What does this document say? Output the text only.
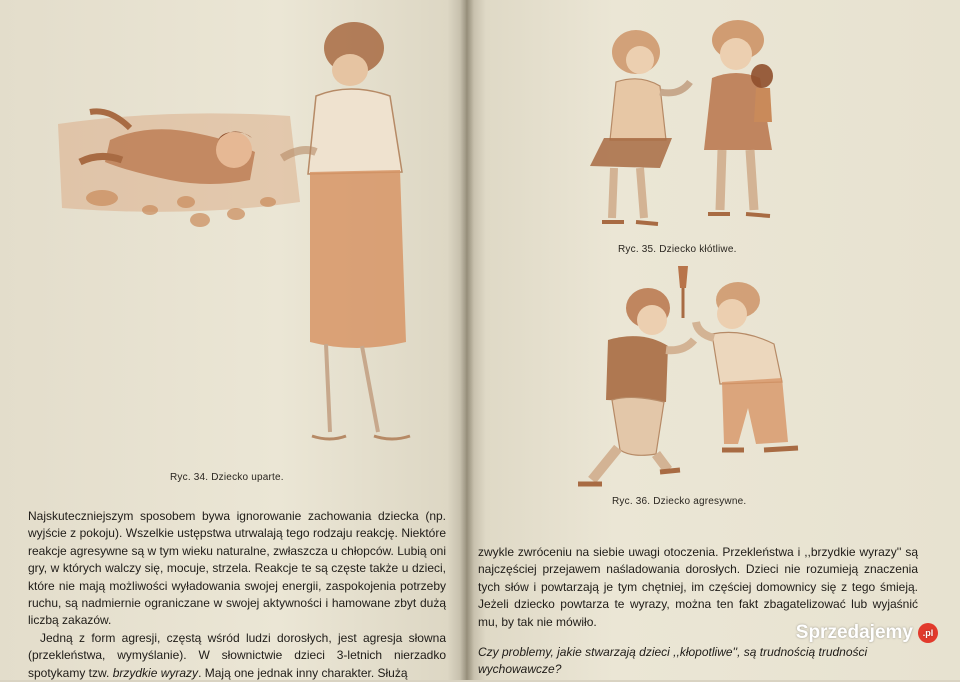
Ryc. 34. Dziecko uparte.

Najskuteczniejszym sposobem bywa ignorowanie zachowania dziecka (np. wyjście z pokoju). Wszelkie ustępstwa utrwalają tego rodzaju reakcję. Niektóre reakcje agresywne są w tym wieku naturalne, zwłaszcza u chłopców. Lubią oni gry, w których walczy się, mocuje, strzela. Reakcje te są częste także u dzieci, które nie mają możliwości wyładowania swojej energii, zaspokojenia potrzeby ruchu, są nadmiernie ograniczane w swojej aktywności i hamowane zbyt dużą liczbą zakazów.

Jedną z form agresji, częstą wśród ludzi dorosłych, jest agresja słowna (przekleństwa, wymyślanie). W słownictwie dzieci 3-letnich nierzadko spotykamy tzw. brzydkie wyrazy. Mają one jednak inny charakter. Służą

Ryc. 35. Dziecko kłótliwe.
Ryc. 36. Dziecko agresywne.

zwykle zwróceniu na siebie uwagi otoczenia. Przekleństwa i ,,brzydkie wyrazy'' są najczęściej przejawem naśladowania dorosłych. Dzieci nie rozumieją znaczenia tych słów i powtarzają je tym chętniej, im częściej domownicy się z tego śmieją. Jeżeli dziecko powtarza te wyrazy, można ten fakt zbagatelizować lub wyjaśnić mu, by tak nie mówiło.

Czy problemy, jakie stwarzają dzieci ,,kłopotliwe'', są trudnością trudności wychowawcze?
Sprzedajemy	.pl
